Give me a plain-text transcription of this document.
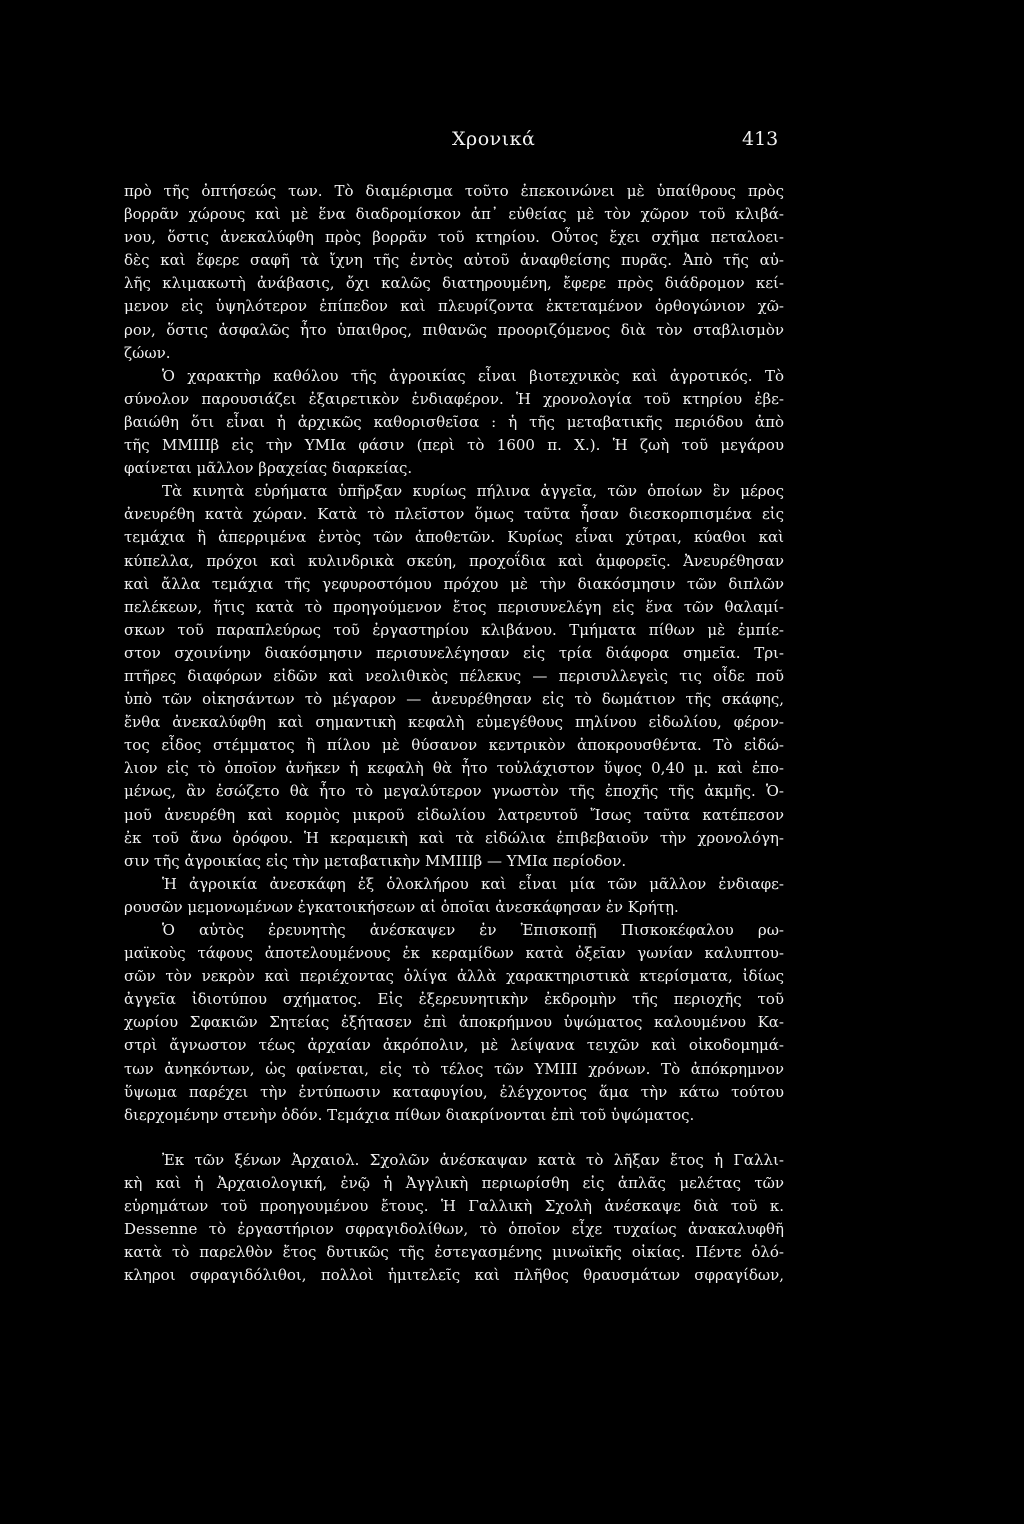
Χρονικά	413
πρὸ τῆς ὀπτήσεώς των. Τὸ διαμέρισμα τοῦτο ἐπεκοινώνει μὲ ὑπαίθρους πρὸς
βορρᾶν χώρους καὶ μὲ ἕνα διαδρομίσκον ἀπ᾿ εὐθείας μὲ τὸν χῶρον τοῦ κλιβά-
νου, ὅστις ἀνεκαλύφθη πρὸς βορρᾶν τοῦ κτηρίου. Οὗτος ἔχει σχῆμα πεταλοει-
δὲς καὶ ἔφερε σαφῆ τὰ ἴχνη τῆς ἐντὸς αὐτοῦ ἀναφθείσης πυρᾶς. Ἀπὸ τῆς αὐ-
λῆς κλιμακωτὴ ἀνάβασις, ὄχι καλῶς διατηρουμένη, ἔφερε πρὸς διάδρομον κεί-
μενον εἰς ὑψηλότερον ἐπίπεδον καὶ πλευρίζοντα ἐκτεταμένον ὀρθογώνιον χῶ-
ρον, ὅστις ἀσφαλῶς ἦτο ὑπαιθρος, πιθανῶς προοριζόμενος διὰ τὸν σταβλισμὸν
ζώων.
Ὁ χαρακτὴρ καθόλου τῆς ἀγροικίας εἶναι βιοτεχνικὸς καὶ ἀγροτικός. Τὸ
σύνολον παρουσιάζει ἐξαιρετικὸν ἐνδιαφέρον. Ἡ χρονολογία τοῦ κτηρίου ἐβε-
βαιώθη ὅτι εἶναι ἡ ἀρχικῶς καθορισθεῖσα : ἡ τῆς μεταβατικῆς περιόδου ἀπὸ
τῆς ΜΜΙΙΙβ εἰς τὴν ΥΜΙα φάσιν (περὶ τὸ 1600 π. Χ.). Ἡ ζωὴ τοῦ μεγάρου
φαίνεται μᾶλλον βραχείας διαρκείας.
Τὰ κινητὰ εὑρήματα ὑπῆρξαν κυρίως πήλινα ἀγγεῖα, τῶν ὁποίων ἓν μέρος
ἀνευρέθη κατὰ χώραν. Κατὰ τὸ πλεῖστον ὅμως ταῦτα ἦσαν διεσκορπισμένα εἰς
τεμάχια ἢ ἀπερριμένα ἐντὸς τῶν ἀποθετῶν. Κυρίως εἶναι χύτραι, κύαθοι καὶ
κύπελλα, πρόχοι καὶ κυλινδρικὰ σκεύη, προχοΐδια καὶ ἀμφορεῖς. Ἀνευρέθησαν
καὶ ἄλλα τεμάχια τῆς γεφυροστόμου πρόχου μὲ τὴν διακόσμησιν τῶν διπλῶν
πελέκεων, ἥτις κατὰ τὸ προηγούμενον ἔτος περισυνελέγη εἰς ἕνα τῶν θαλαμί-
σκων τοῦ παραπλεύρως τοῦ ἐργαστηρίου κλιβάνου. Τμήματα πίθων μὲ ἐμπίε-
στον σχοινίνην διακόσμησιν περισυνελέγησαν εἰς τρία διάφορα σημεῖα. Τρι-
πτῆρες διαφόρων εἰδῶν καὶ νεολιθικὸς πέλεκυς — περισυλλεγεὶς τις οἶδε ποῦ
ὑπὸ τῶν οἰκησάντων τὸ μέγαρον — ἀνευρέθησαν εἰς τὸ δωμάτιον τῆς σκάφης,
ἔνθα ἀνεκαλύφθη καὶ σημαντικὴ κεφαλὴ εὐμεγέθους πηλίνου εἰδωλίου, φέρον-
τος εἶδος στέμματος ἢ πίλου μὲ θύσανον κεντρικὸν ἀποκρουσθέντα. Τὸ εἰδώ-
λιον εἰς τὸ ὁποῖον ἀνῆκεν ἡ κεφαλὴ θὰ ἦτο τοὐλάχιστον ὕψος 0,40 μ. καὶ ἐπο-
μένως, ἂν ἐσώζετο θὰ ἦτο τὸ μεγαλύτερον γνωστὸν τῆς ἐποχῆς τῆς ἀκμῆς. Ὁ-
μοῦ ἀνευρέθη καὶ κορμὸς μικροῦ εἰδωλίου λατρευτοῦ Ἴσως ταῦτα κατέπεσον
ἐκ τοῦ ἄνω ὀρόφου. Ἡ κεραμεικὴ καὶ τὰ εἰδώλια ἐπιβεβαιοῦν τὴν χρονολόγη-
σιν τῆς ἀγροικίας εἰς τὴν μεταβατικὴν ΜΜΙΙΙβ — ΥΜΙα περίοδον.
Ἡ ἀγροικία ἀνεσκάφη ἐξ ὁλοκλήρου καὶ εἶναι μία τῶν μᾶλλον ἐνδιαφε-
ρουσῶν μεμονωμένων ἐγκατοικήσεων αἱ ὁποῖαι ἀνεσκάφησαν ἐν Κρήτῃ.
Ὁ αὐτὸς ἐρευνητὴς ἀνέσκαψεν ἐν Ἐπισκοπῇ Πισκοκέφαλου ρω-
μαϊκοὺς τάφους ἀποτελουμένους ἐκ κεραμίδων κατὰ ὀξεῖαν γωνίαν καλυπτου-
σῶν τὸν νεκρὸν καὶ περιέχοντας ὀλίγα ἀλλὰ χαρακτηριστικὰ κτερίσματα, ἰδίως
ἀγγεῖα ἰδιοτύπου σχήματος. Εἰς ἐξερευνητικὴν ἐκδρομὴν τῆς περιοχῆς τοῦ
χωρίου Σφακιῶν Σητείας ἐξήτασεν ἐπὶ ἀποκρήμνου ὑψώματος καλουμένου Κα-
στρὶ ἄγνωστον τέως ἀρχαίαν ἀκρόπολιν, μὲ λείψανα τειχῶν καὶ οἰκοδομημά-
των ἀνηκόντων, ὡς φαίνεται, εἰς τὸ τέλος τῶν ΥΜΙΙΙ χρόνων. Τὸ ἀπόκρημνον
ὕψωμα παρέχει τὴν ἐντύπωσιν καταφυγίου, ἐλέγχοντος ἅμα τὴν κάτω τούτου
διερχομένην στενὴν ὁδόν. Τεμάχια πίθων διακρίνονται ἐπὶ τοῦ ὑψώματος.
Ἐκ τῶν ξένων Ἀρχαιολ. Σχολῶν ἀνέσκαψαν κατὰ τὸ λῆξαν ἔτος ἡ Γαλλι-
κὴ καὶ ἡ Ἀρχαιολογική, ἐνῷ ἡ Ἀγγλικὴ περιωρίσθη εἰς ἁπλᾶς μελέτας τῶν
εὑρημάτων τοῦ προηγουμένου ἔτους. Ἡ Γαλλικὴ Σχολὴ ἀνέσκαψε διὰ τοῦ κ.
Dessenne τὸ ἐργαστήριον σφραγιδολίθων, τὸ ὁποῖον εἶχε τυχαίως ἀνακαλυφθῆ
κατὰ τὸ παρελθὸν ἔτος δυτικῶς τῆς ἐστεγασμένης μινωϊκῆς οἰκίας. Πέντε ὁλό-
κληροι σφραγιδόλιθοι, πολλοὶ ἡμιτελεῖς καὶ πλῆθος θραυσμάτων σφραγίδων,
